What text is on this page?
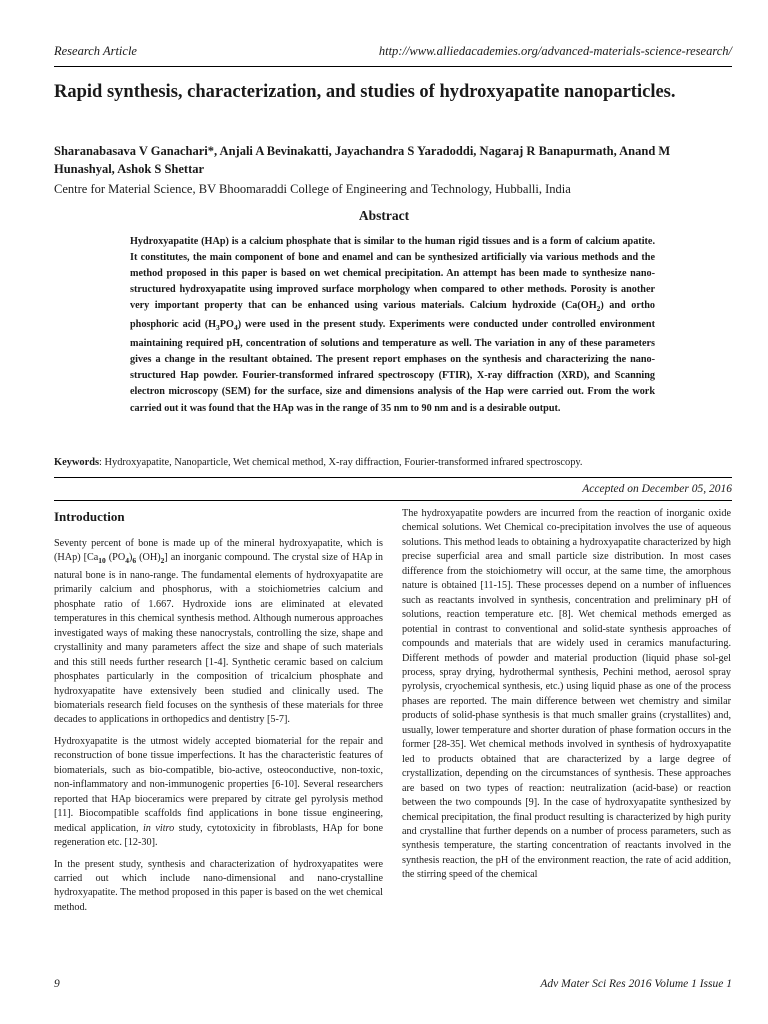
Research Article	http://www.alliedacademies.org/advanced-materials-science-research/
Rapid synthesis, characterization, and studies of hydroxyapatite nanoparticles.

Sharanabasava V Ganachari*, Anjali A Bevinakatti, Jayachandra S Yaradoddi, Nagaraj R Banapurmath, Anand M Hunashyal, Ashok S Shettar

Centre for Material Science, BV Bhoomaraddi College of Engineering and Technology, Hubballi, India

Abstract

Hydroxyapatite (HAp) is a calcium phosphate that is similar to the human rigid tissues and is a form of calcium apatite. It constitutes, the main component of bone and enamel and can be synthesized artificially via various methods and the method proposed in this paper is based on wet chemical precipitation. An attempt has been made to synthesize nano-structured hydroxyapatite using improved surface morphology when compared to other methods. Porosity is another very important property that can be enhanced using various materials. Calcium hydroxide ($Ca(OH_2)$ and ortho phosphoric acid $(H_3PO_4)$ were used in the present study. Experiments were conducted under controlled environment maintaining required pH, concentration of solutions and temperature as well. The variation in any of these parameters gives a change in the resultant obtained. The present report emphases on the synthesis and characterizing the nano-structured Hap powder. Fourier-transformed infrared spectroscopy (FTIR), X-ray diffraction (XRD), and Scanning electron microscopy (SEM) for the surface, size and dimensions analysis of the Hap were carried out. From the work carried out it was found that the HAp was in the range of 35 nm to 90 nm and is a desirable output.

Keywords: Hydroxyapatite, Nanoparticle, Wet chemical method, X-ray diffraction, Fourier-transformed infrared spectroscopy.

Accepted on December 05, 2016
Introduction

Seventy percent of bone is made up of the mineral hydroxyapatite, which is (HAp) [$Ca_{10}$ $(PO_4)_6$ $(OH)_2$] an inorganic compound. The crystal size of HAp in natural bone is in nano-range. The fundamental elements of hydroxyapatite are primarily calcium and phosphorus, with a stoichiometries calcium and phosphate ratio of 1.667. Hydroxide ions are eliminated at elevated temperatures in this chemical synthesis method. Although numerous approaches investigated ways of making these nanocrystals, controlling the size, shape and crystallinity and many parameters affect the size and shape of such materials and this still needs further research [1-4]. Synthetic ceramic based on calcium phosphates particularly in the composition of tricalcium phosphate and hydroxyapatite have extensively been studied and clinically used. The biomaterials research field focuses on the synthesis of these materials for three decades to applications in orthopedics and dentistry [5-7].

Hydroxyapatite is the utmost widely accepted biomaterial for the repair and reconstruction of bone tissue imperfections. It has the characteristic features of biomaterials, such as bio-compatible, bio-active, osteoconductive, non-toxic, non-inflammatory and non-immunogenic properties [6-10]. Several researchers reported that HAp bioceramics were prepared by citrate gel pyrolysis method [11]. Biocompatible scaffolds find applications in bone tissue engineering, medical application, in vitro study, cytotoxicity in fibroblasts, HAp for bone regeneration etc. [12-30].

In the present study, synthesis and characterization of hydroxyapatites were carried out which include nano-dimensional and nano-crystalline hydroxyapatite. The method proposed in this paper is based on the wet chemical method.

The hydroxyapatite powders are incurred from the reaction of inorganic oxide chemical solutions. Wet Chemical co-precipitation involves the use of aqueous solutions. This method leads to obtaining a hydroxyapatite characterized by high precise superficial area and small particle size distribution. In most cases difference from the stoichiometry will occur, at the same time, the amorphous nature is obtained [11-15]. These processes depend on a number of influences such as reactants involved in synthesis, concentration and preliminary pH of solutions, reaction temperature etc. [8]. Wet chemical methods emerged as potential in contrast to conventional and solid-state synthesis approaches of compounds and materials that are widely used in ceramics manufacturing. Different methods of powder and material production (liquid phase sol-gel process, spray drying, hydrothermal synthesis, Pechini method, aerosol spray pyrolysis, cryochemical synthesis, etc.) using liquid phase as one of the process phases are reported. The main difference between wet chemistry and similar products of solid-phase synthesis is that much smaller grains (crystallites) and, usually, lower temperature and shorter duration of phase formation occurs in the former [28-35]. Wet chemical methods involved in synthesis of hydroxyapatite led to products obtained that are characterized by a large degree of crystallization, depending on the circumstances of synthesis. These approaches are based on two types of reaction: neutralization (acid-base) or reaction between the two compounds [9]. In the case of hydroxyapatite synthesized by chemical precipitation, the final product resulting is characterized by high purity and crystalline that further depends on a number of process parameters, such as synthesis temperature, the starting concentration of reactants involved in the synthesis reaction, the pH of the environment reaction, the rate of acid addition, the stirring speed of the chemical

9	Adv Mater Sci Res 2016 Volume 1 Issue 1
